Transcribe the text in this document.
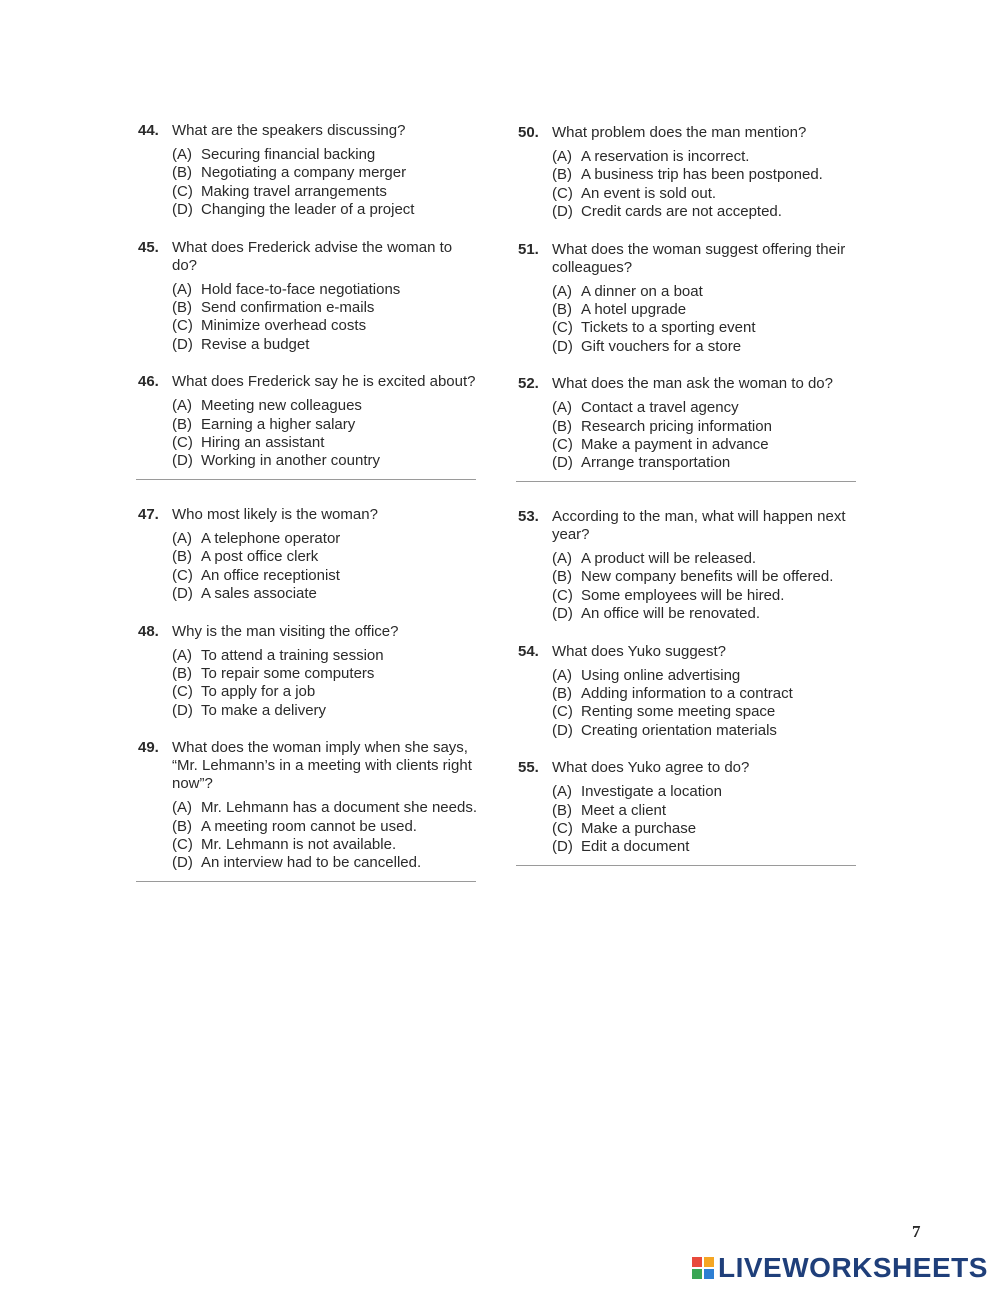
44. What are the speakers discussing?
(A) Securing financial backing
(B) Negotiating a company merger
(C) Making travel arrangements
(D) Changing the leader of a project
45. What does Frederick advise the woman to do?
(A) Hold face-to-face negotiations
(B) Send confirmation e-mails
(C) Minimize overhead costs
(D) Revise a budget
46. What does Frederick say he is excited about?
(A) Meeting new colleagues
(B) Earning a higher salary
(C) Hiring an assistant
(D) Working in another country
47. Who most likely is the woman?
(A) A telephone operator
(B) A post office clerk
(C) An office receptionist
(D) A sales associate
48. Why is the man visiting the office?
(A) To attend a training session
(B) To repair some computers
(C) To apply for a job
(D) To make a delivery
49. What does the woman imply when she says, “Mr. Lehmann’s in a meeting with clients right now”?
(A) Mr. Lehmann has a document she needs.
(B) A meeting room cannot be used.
(C) Mr. Lehmann is not available.
(D) An interview had to be cancelled.
50. What problem does the man mention?
(A) A reservation is incorrect.
(B) A business trip has been postponed.
(C) An event is sold out.
(D) Credit cards are not accepted.
51. What does the woman suggest offering their colleagues?
(A) A dinner on a boat
(B) A hotel upgrade
(C) Tickets to a sporting event
(D) Gift vouchers for a store
52. What does the man ask the woman to do?
(A) Contact a travel agency
(B) Research pricing information
(C) Make a payment in advance
(D) Arrange transportation
53. According to the man, what will happen next year?
(A) A product will be released.
(B) New company benefits will be offered.
(C) Some employees will be hired.
(D) An office will be renovated.
54. What does Yuko suggest?
(A) Using online advertising
(B) Adding information to a contract
(C) Renting some meeting space
(D) Creating orientation materials
55. What does Yuko agree to do?
(A) Investigate a location
(B) Meet a client
(C) Make a purchase
(D) Edit a document
7
LIVEWORKSHEETS
